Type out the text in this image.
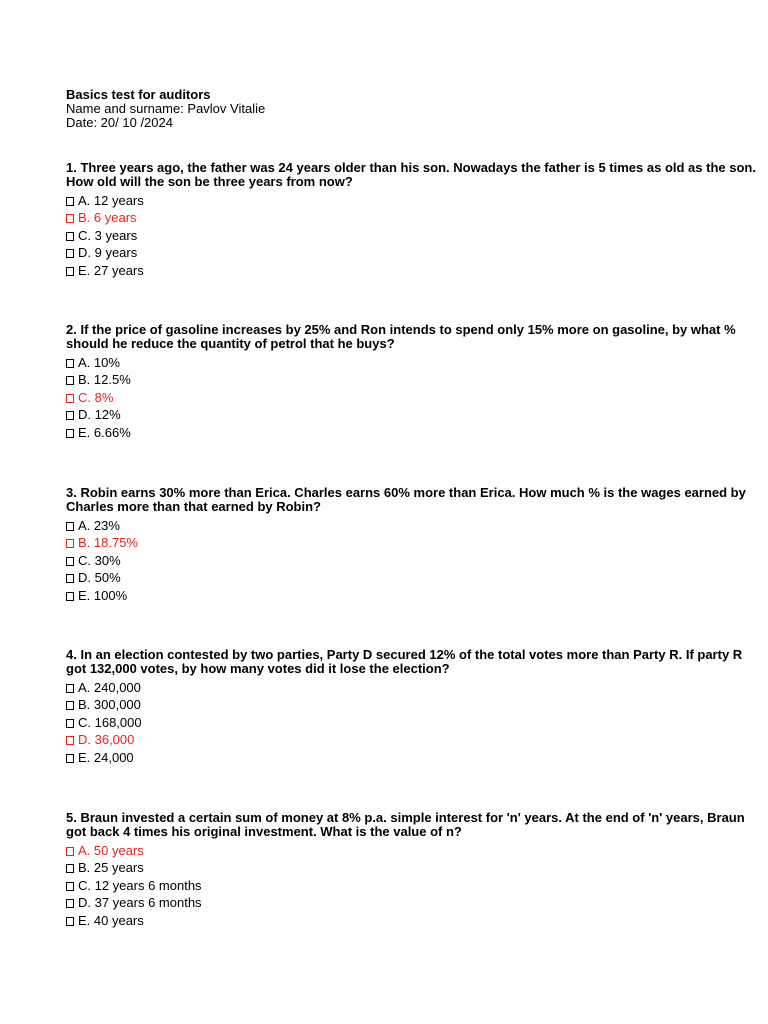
Basics test for auditors
Name and surname: Pavlov Vitalie
Date: 20/ 10 /2024

1. Three years ago, the father was 24 years older than his son. Nowadays the father is 5 times as old as the son. How old will the son be three years from now?

A. 12 years
B. 6 years
C. 3 years
D. 9 years
E. 27 years

2. If the price of gasoline increases by 25% and Ron intends to spend only 15% more on gasoline, by what % should he reduce the quantity of petrol that he buys?

A. 10%
B. 12.5%
C. 8%
D. 12%
E. 6.66%

3. Robin earns 30% more than Erica. Charles earns 60% more than Erica. How much % is the wages earned by Charles more than that earned by Robin?

A. 23%
B. 18.75%
C. 30%
D. 50%
E. 100%

4. In an election contested by two parties, Party D secured 12% of the total votes more than Party R. If party R got 132,000 votes, by how many votes did it lose the election?

A. 240,000
B. 300,000
C. 168,000
D. 36,000
E. 24,000

5. Braun invested a certain sum of money at 8% p.a. simple interest for 'n' years. At the end of 'n' years, Braun got back 4 times his original investment. What is the value of n?

A. 50 years
B. 25 years
C. 12 years 6 months
D. 37 years 6 months
E. 40 years
